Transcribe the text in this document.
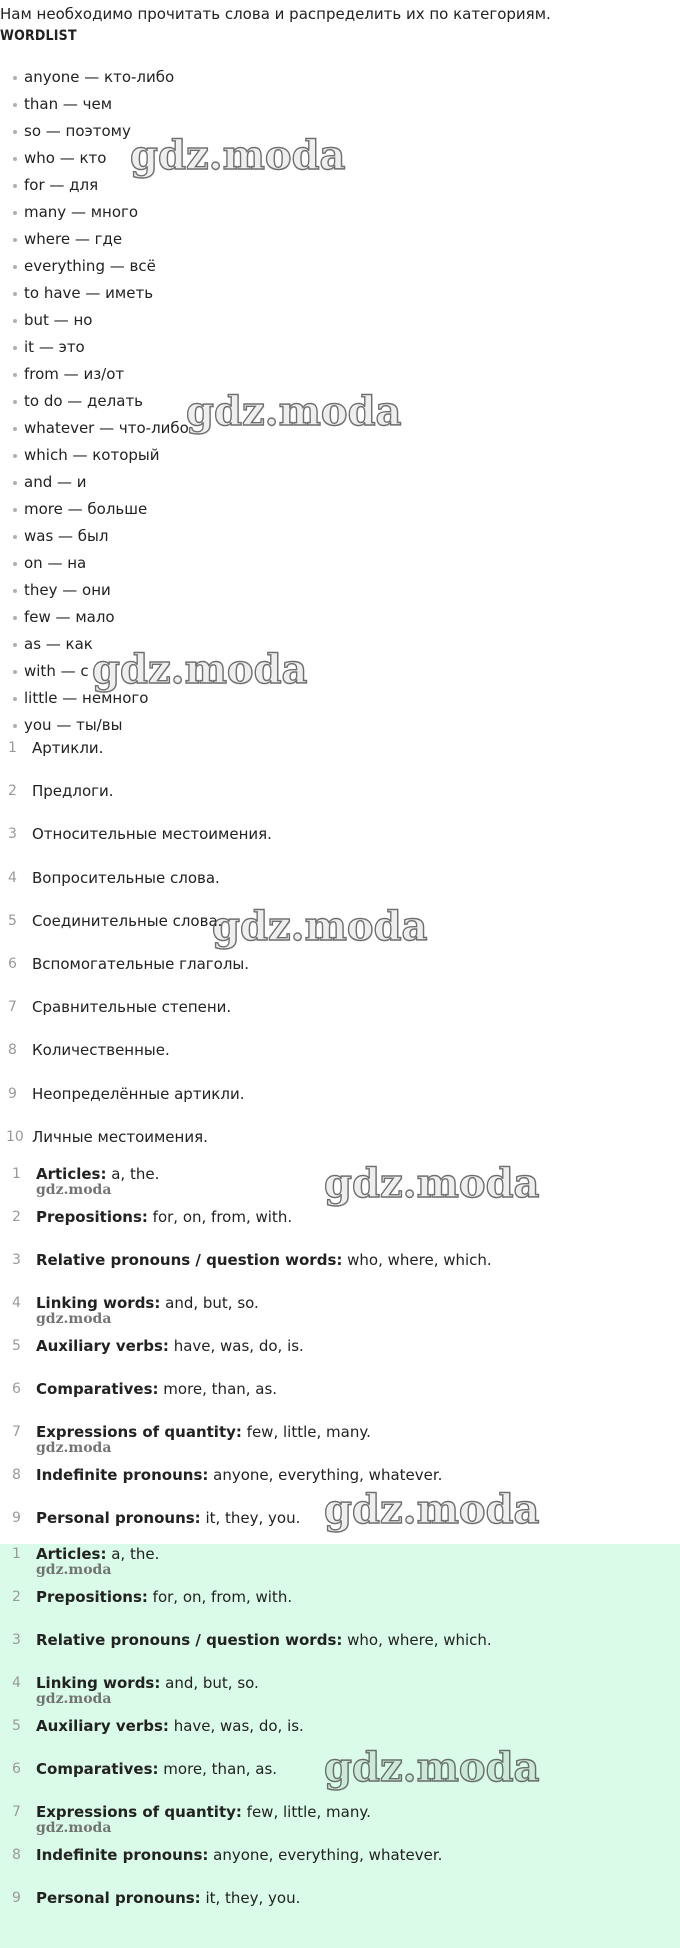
Нам необходимо прочитать слова и распределить их по категориям.
WORDLIST
anyone — кто-либо
than — чем
so — поэтому
who — кто
for — для
many — много
where — где
everything — всё
to have — иметь
but — но
it — это
from — из/от
to do — делать
whatever — что-либо
which — который
and — и
more — больше
was — был
on — на
they — они
few — мало
as — как
with — с
little — немного
you — ты/вы
1	Артикли.
2	Предлоги.
3	Относительные местоимения.
4	Вопросительные слова.
5	Соединительные слова.
6	Вспомогательные глаголы.
7	Сравнительные степени.
8	Количественные.
9	Неопределённые артикли.
10 Личные местоимения.
1 Articles: a, the.
2 Prepositions: for, on, from, with.
3 Relative pronouns / question words: who, where, which.
4 Linking words: and, but, so.
5 Auxiliary verbs: have, was, do, is.
6 Comparatives: more, than, as.
7 Expressions of quantity: few, little, many.
8 Indefinite pronouns: anyone, everything, whatever.
9 Personal pronouns: it, they, you.
1 Articles: a, the.
2 Prepositions: for, on, from, with.
3 Relative pronouns / question words: who, where, which.
4 Linking words: and, but, so.
5 Auxiliary verbs: have, was, do, is.
6 Comparatives: more, than, as.
7 Expressions of quantity: few, little, many.
8 Indefinite pronouns: anyone, everything, whatever.
9 Personal pronouns: it, they, you.
gdz.moda
gdz.moda
gdz.moda
gdz.moda
gdz.moda
gdz.moda
gdz.moda
gdz.moda
gdz.moda
gdz.moda
gdz.moda
gdz.moda
